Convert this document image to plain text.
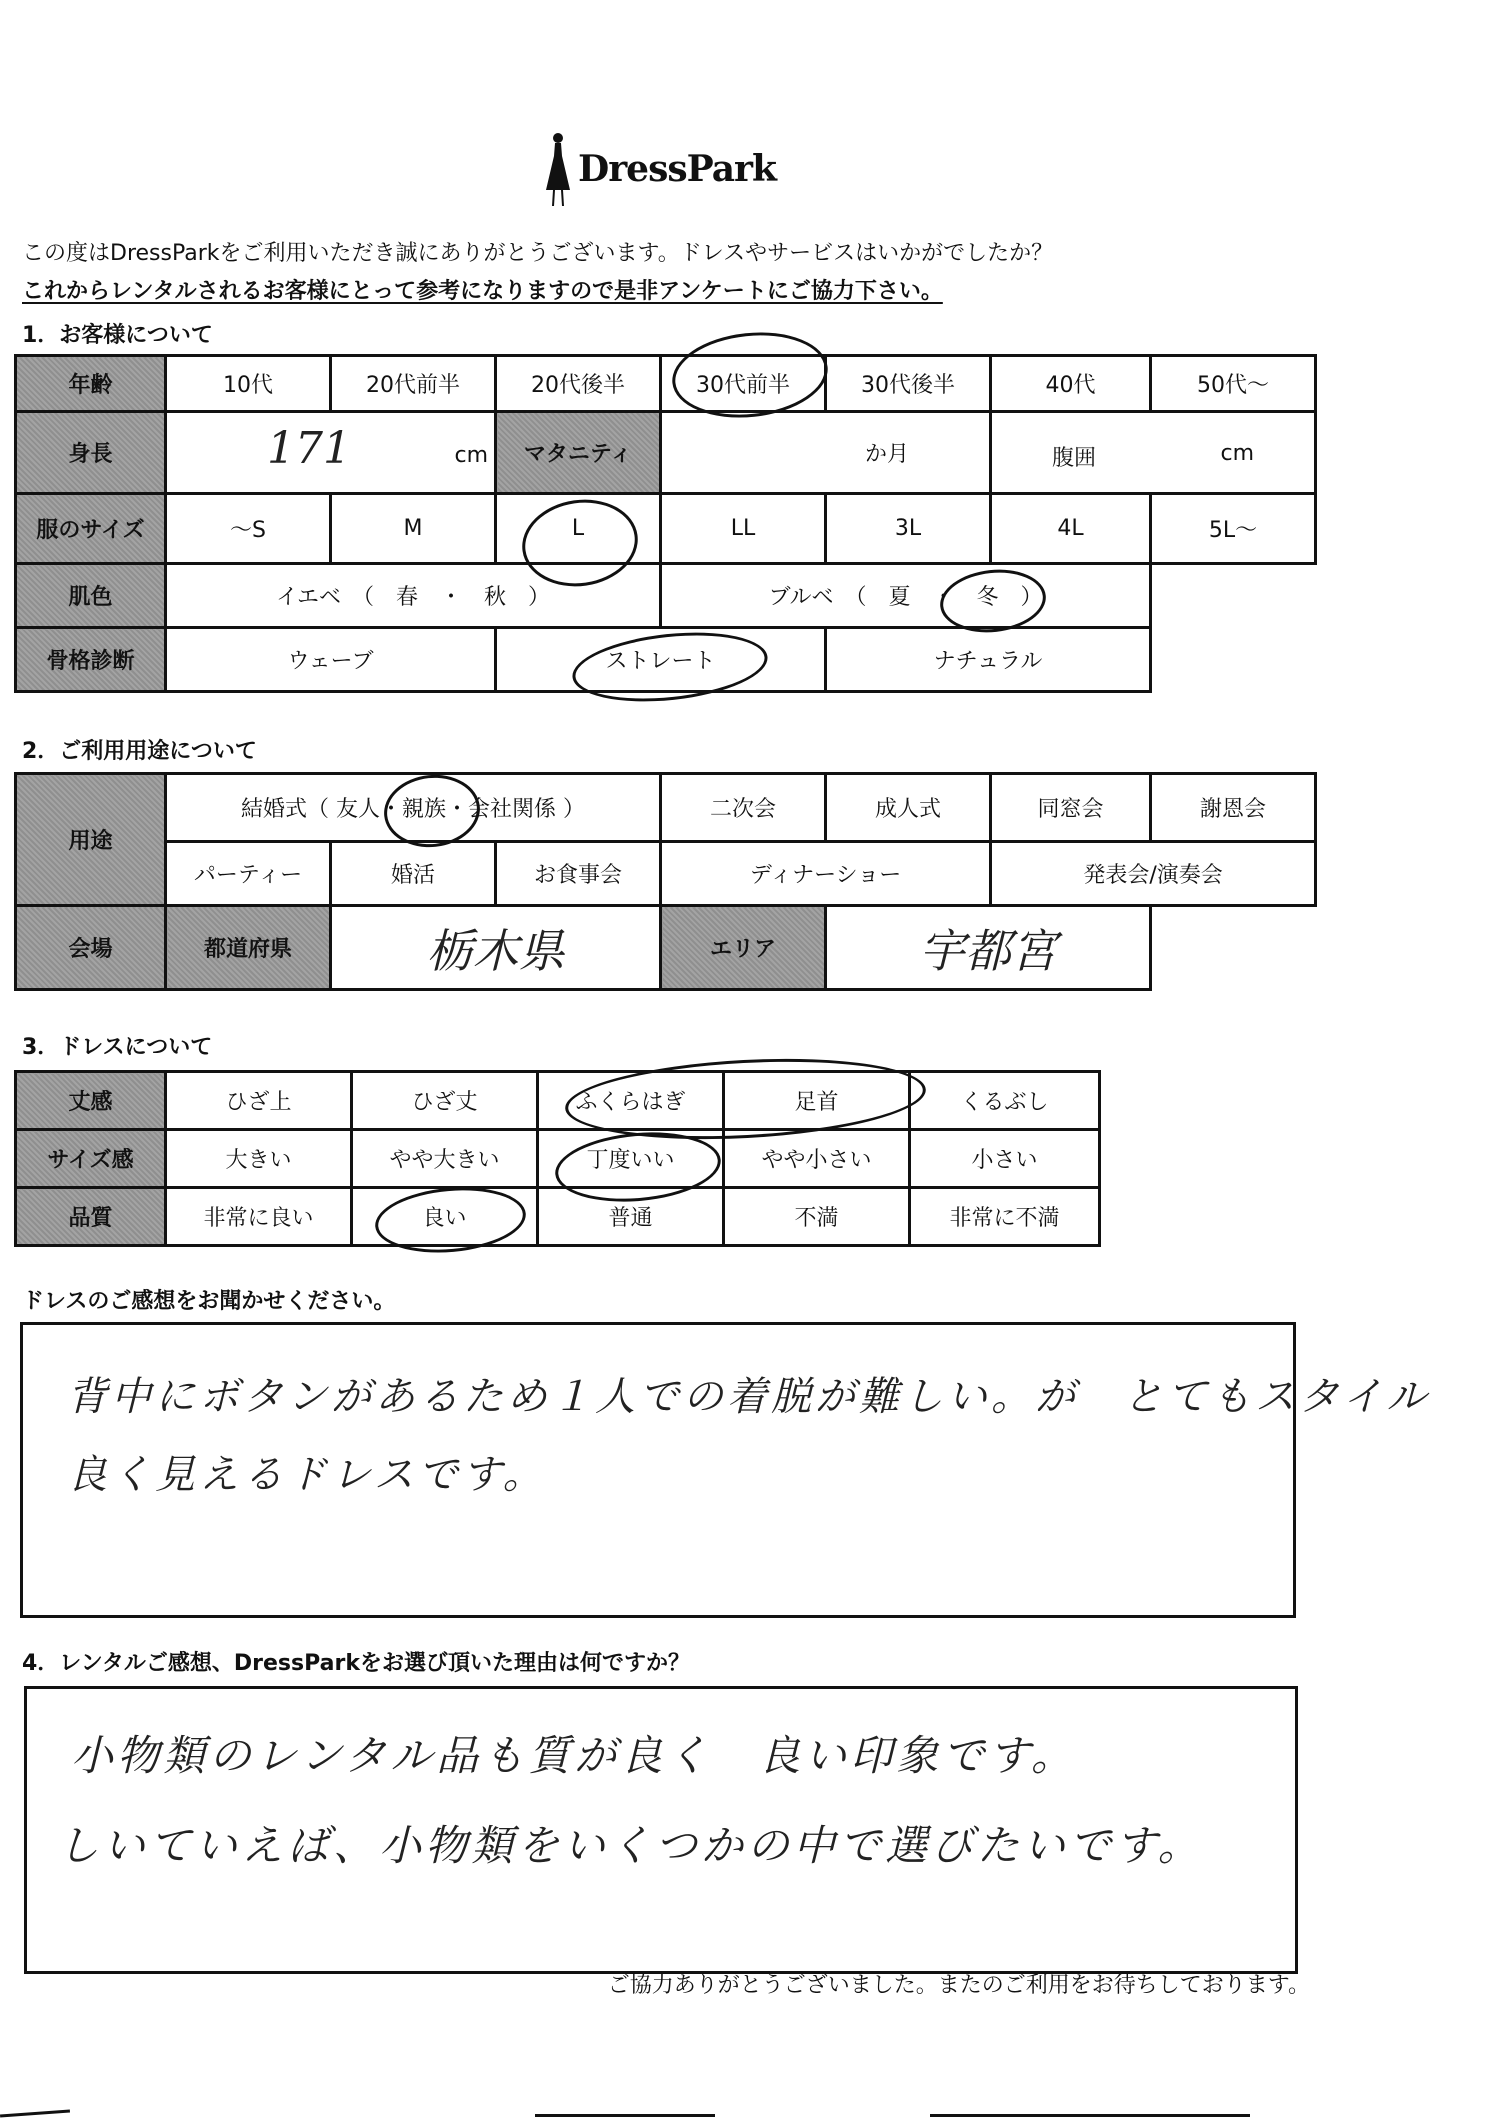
DressPark
この度はDressParkをご利用いただき誠にありがとうございます。ドレスやサービスはいかがでしたか？
これからレンタルされるお客様にとって参考になりますので是非アンケートにご協力下さい。
1．お客様について
年齢	10代	20代前半	20代後半	30代前半	30代後半	40代	50代～
身長	171 cm		マタニティ	か月		腹囲 cm	

服のサイズ	～S	M	L	LL	3L	4L	5L～
肌色	イエベ　（　春　・　秋　）			ブルベ　（　夏　・　冬　）			
骨格診断	ウェーブ		ストレート		ナチュラル		
2．ご利用用途について
用途	結婚式（ 友人・親族・会社関係 ）			二次会	成人式	同窓会	謝恩会
	パーティー	婚活	お食事会	ディナーショー		発表会/演奏会	
会場	都道府県	栃木県		エリア	宇都宮		
3．ドレスについて
丈感	ひざ上	ひざ丈	ふくらはぎ	足首	くるぶし
サイズ感	大きい	やや大きい	丁度いい	やや小さい	小さい
品質	非常に良い	良い	普通	不満	非常に不満
ドレスのご感想をお聞かせください。
背中にボタンがあるため１人での着脱が難しい。が　とてもスタイル
良く見えるドレスです。
4．レンタルご感想、DressParkをお選び頂いた理由は何ですか？
小物類のレンタル品も質が良く　良い印象です。
しいていえば、小物類をいくつかの中で選びたいです。
ご協力ありがとうございました。またのご利用をお待ちしております。
